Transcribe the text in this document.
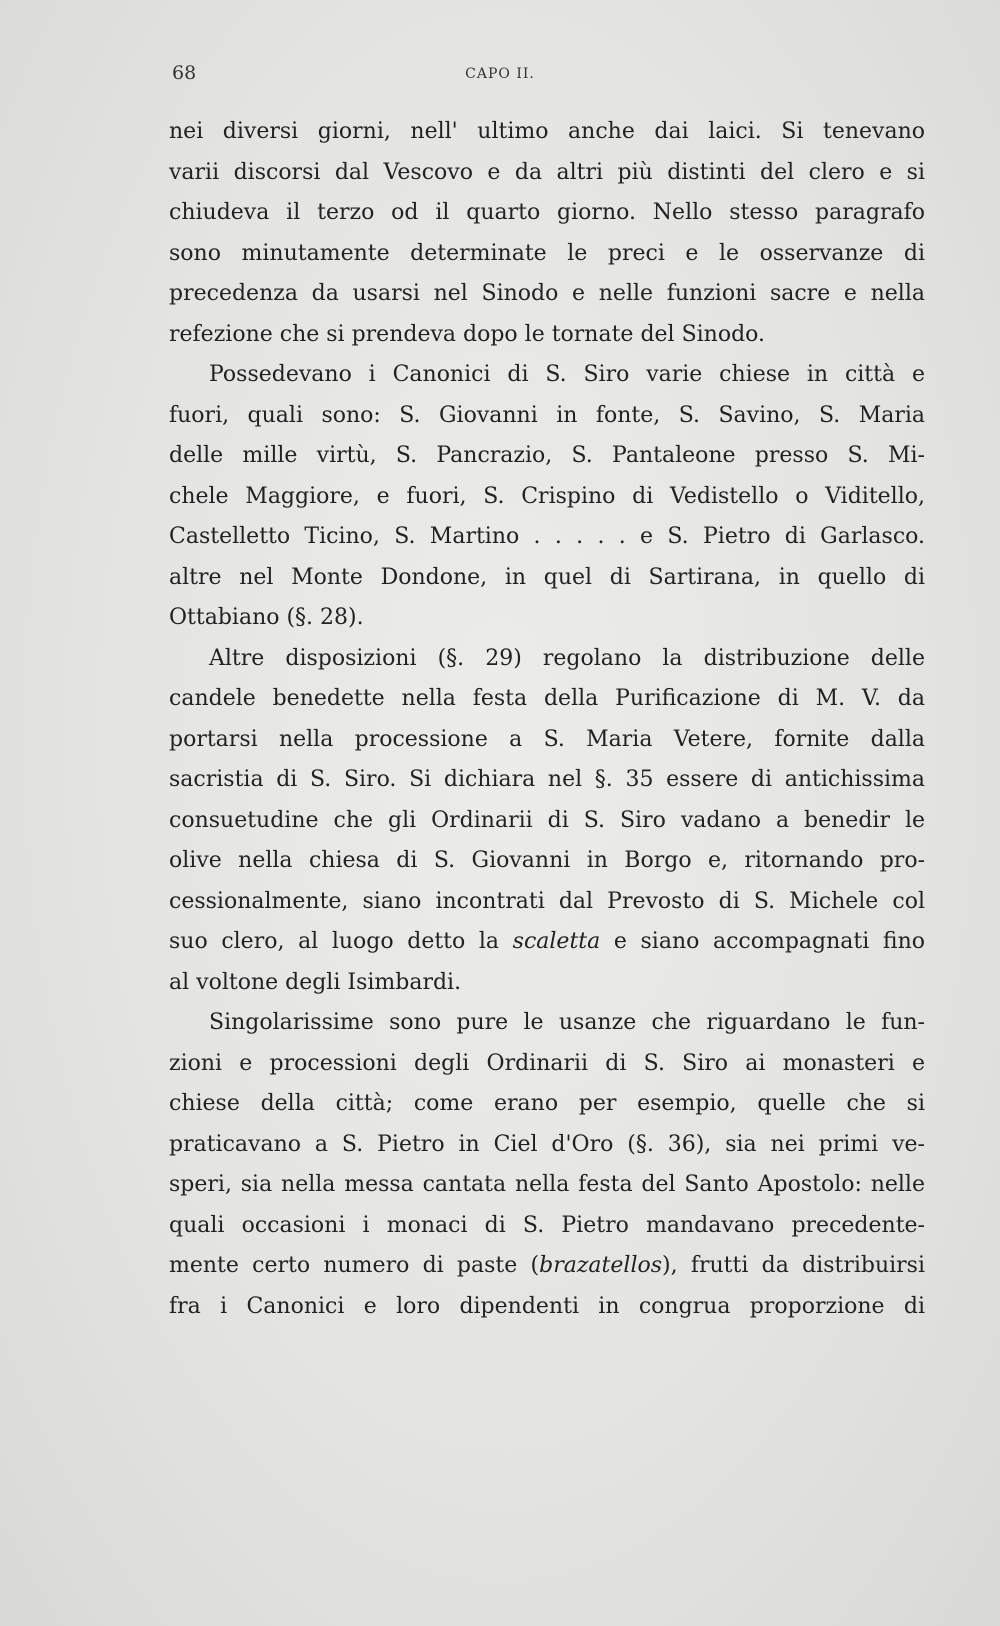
68	CAPO II.
nei diversi giorni, nell' ultimo anche dai laici. Si tenevano
varii discorsi dal Vescovo e da altri più distinti del clero e si
chiudeva il terzo od il quarto giorno. Nello stesso paragrafo
sono minutamente determinate le preci e le osservanze di
precedenza da usarsi nel Sinodo e nelle funzioni sacre e nella
refezione che si prendeva dopo le tornate del Sinodo.
Possedevano i Canonici di S. Siro varie chiese in città e
fuori, quali sono: S. Giovanni in fonte, S. Savino, S. Maria
delle mille virtù, S. Pancrazio, S. Pantaleone presso S. Mi-
chele Maggiore, e fuori, S. Crispino di Vedistello o Viditello,
Castelletto Ticino, S. Martino . . . . . e S. Pietro di Garlasco.
altre nel Monte Dondone, in quel di Sartirana, in quello di
Ottabiano (§. 28).
Altre disposizioni (§. 29) regolano la distribuzione delle
candele benedette nella festa della Purificazione di M. V. da
portarsi nella processione a S. Maria Vetere, fornite dalla
sacristia di S. Siro. Si dichiara nel §. 35 essere di antichissima
consuetudine che gli Ordinarii di S. Siro vadano a benedir le
olive nella chiesa di S. Giovanni in Borgo e, ritornando pro-
cessionalmente, siano incontrati dal Prevosto di S. Michele col
suo clero, al luogo detto la scaletta e siano accompagnati fino
al voltone degli Isimbardi.
Singolarissime sono pure le usanze che riguardano le fun-
zioni e processioni degli Ordinarii di S. Siro ai monasteri e
chiese della città; come erano per esempio, quelle che si
praticavano a S. Pietro in Ciel d'Oro (§. 36), sia nei primi ve-
speri, sia nella messa cantata nella festa del Santo Apostolo: nelle
quali occasioni i monaci di S. Pietro mandavano precedente-
mente certo numero di paste (brazatellos), frutti da distribuirsi
fra i Canonici e loro dipendenti in congrua proporzione di
